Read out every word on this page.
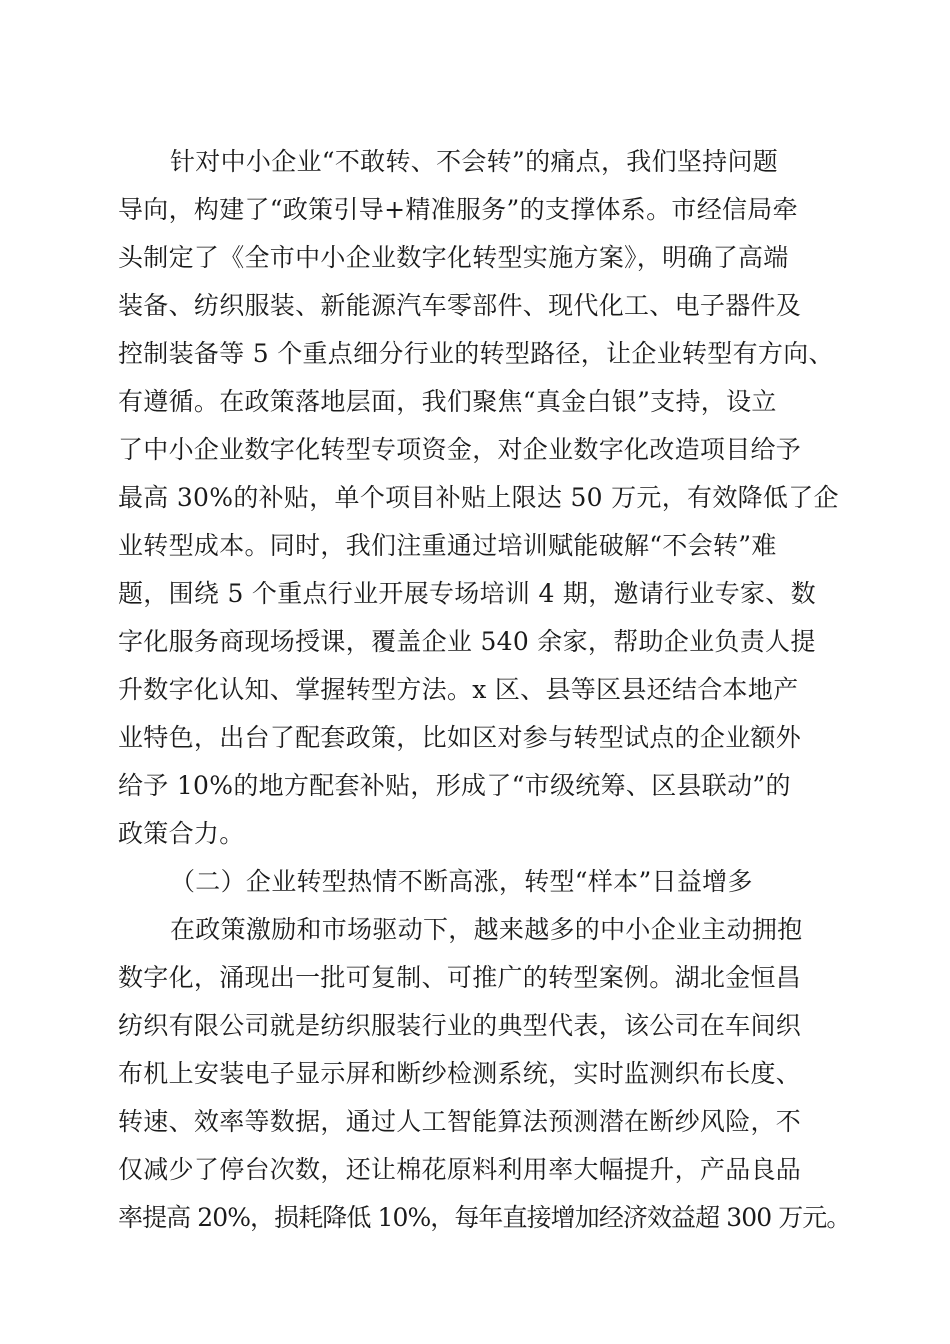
针对中小企业“不敢转、不会转”的痛点，我们坚持问题
导向，构建了“政策引导+精准服务”的支撑体系。市经信局牵
头制定了《全市中小企业数字化转型实施方案》，明确了高端
装备、纺织服装、新能源汽车零部件、现代化工、电子器件及
控制装备等 5 个重点细分行业的转型路径，让企业转型有方向、
有遵循。在政策落地层面，我们聚焦“真金白银”支持，设立
了中小企业数字化转型专项资金，对企业数字化改造项目给予
最高 30%的补贴，单个项目补贴上限达 50 万元，有效降低了企
业转型成本。同时，我们注重通过培训赋能破解“不会转”难
题，围绕 5 个重点行业开展专场培训 4 期，邀请行业专家、数
字化服务商现场授课，覆盖企业 540 余家，帮助企业负责人提
升数字化认知、掌握转型方法。x 区、县等区县还结合本地产
业特色，出台了配套政策，比如区对参与转型试点的企业额外
给予 10%的地方配套补贴，形成了“市级统筹、区县联动”的
政策合力。
（二）企业转型热情不断高涨，转型“样本”日益增多
在政策激励和市场驱动下，越来越多的中小企业主动拥抱
数字化，涌现出一批可复制、可推广的转型案例。湖北金恒昌
纺织有限公司就是纺织服装行业的典型代表，该公司在车间织
布机上安装电子显示屏和断纱检测系统，实时监测织布长度、
转速、效率等数据，通过人工智能算法预测潜在断纱风险，不
仅减少了停台次数，还让棉花原料利用率大幅提升，产品良品
率提高 20%，损耗降低 10%，每年直接增加经济效益超 300 万元。
